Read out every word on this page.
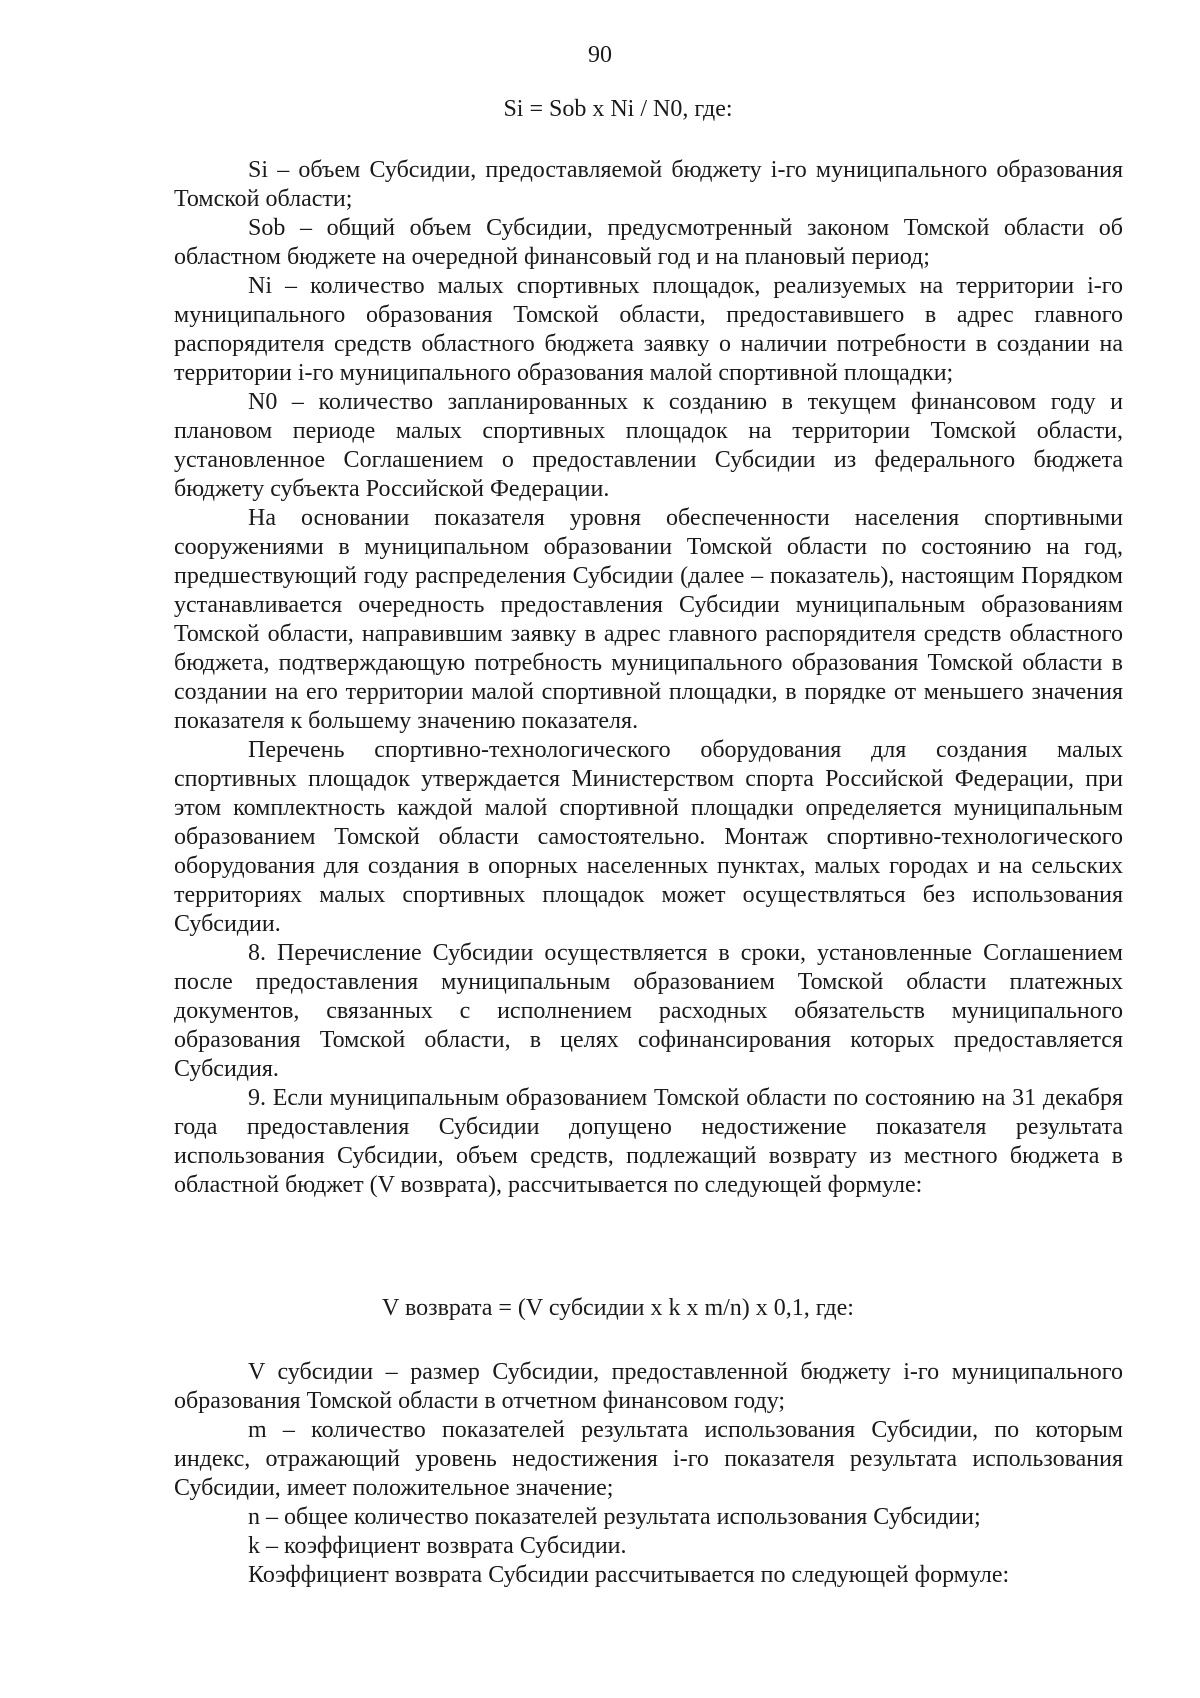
90
Si = Sob x Ni / N0, где:

Si – объем Субсидии, предоставляемой бюджету i-го муниципального образования Томской области;

Sob – общий объем Субсидии, предусмотренный законом Томской области об областном бюджете на очередной финансовый год и на плановый период;

Ni – количество малых спортивных площадок, реализуемых на территории i-го муниципального образования Томской области, предоставившего в адрес главного распорядителя средств областного бюджета заявку о наличии потребности в создании на территории i-го муниципального образования малой спортивной площадки;

N0 – количество запланированных к созданию в текущем финансовом году и плановом периоде малых спортивных площадок на территории Томской области, установленное Соглашением о предоставлении Субсидии из федерального бюджета бюджету субъекта Российской Федерации.

На основании показателя уровня обеспеченности населения спортивными сооружениями в муниципальном образовании Томской области по состоянию на год, предшествующий году распределения Субсидии (далее – показатель), настоящим Порядком устанавливается очередность предоставления Субсидии муниципальным образованиям Томской области, направившим заявку в адрес главного распорядителя средств областного бюджета, подтверждающую потребность муниципального образования Томской области в создании на его территории малой спортивной площадки, в порядке от меньшего значения показателя к большему значению показателя.

Перечень спортивно-технологического оборудования для создания малых спортивных площадок утверждается Министерством спорта Российской Федерации, при этом комплектность каждой малой спортивной площадки определяется муниципальным образованием Томской области самостоятельно. Монтаж спортивно-технологического оборудования для создания в опорных населенных пунктах, малых городах и на сельских территориях малых спортивных площадок может осуществляться без использования Субсидии.

8. Перечисление Субсидии осуществляется в сроки, установленные Соглашением после предоставления муниципальным образованием Томской области платежных документов, связанных с исполнением расходных обязательств муниципального образования Томской области, в целях софинансирования которых предоставляется Субсидия.

9. Если муниципальным образованием Томской области по состоянию на 31 декабря года предоставления Субсидии допущено недостижение показателя результата использования Субсидии, объем средств, подлежащий возврату из местного бюджета в областной бюджет (V возврата), рассчитывается по следующей формуле:

V возврата = (V субсидии x k x m/n) x 0,1, где:

V субсидии – размер Субсидии, предоставленной бюджету i-го муниципального образования Томской области в отчетном финансовом году;

m – количество показателей результата использования Субсидии, по которым индекс, отражающий уровень недостижения i-го показателя результата использования Субсидии, имеет положительное значение;

n – общее количество показателей результата использования Субсидии;

k – коэффициент возврата Субсидии.

Коэффициент возврата Субсидии рассчитывается по следующей формуле:
